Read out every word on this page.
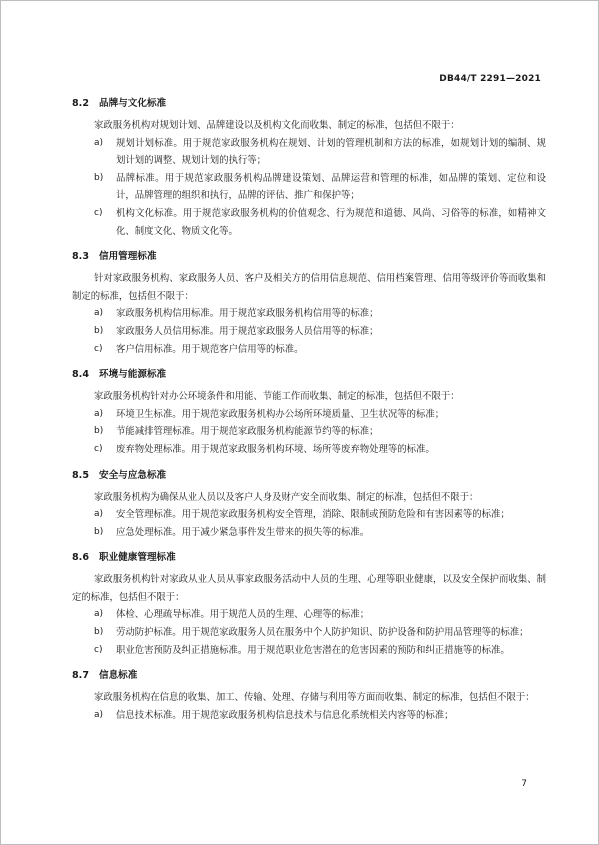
DB44/T 2291—2021
8.2 品牌与文化标准

家政服务机构对规划计划、品牌建设以及机构文化而收集、制定的标准，包括但不限于：

a) 规划计划标准。用于规范家政服务机构在规划、计划的管理机制和方法的标准，如规划计划的编制、规划计划的调整、规划计划的执行等；
b) 品牌标准。用于规范家政服务机构品牌建设策划、品牌运营和管理的标准，如品牌的策划、定位和设计，品牌管理的组织和执行，品牌的评估、推广和保护等；
c) 机构文化标准。用于规范家政服务机构的价值观念、行为规范和道德、风尚、习俗等的标准，如精神文化、制度文化、物质文化等。
8.3 信用管理标准

针对家政服务机构、家政服务人员、客户及相关方的信用信息规范、信用档案管理、信用等级评价等而收集和制定的标准，包括但不限于：

a) 家政服务机构信用标准。用于规范家政服务机构信用等的标准；
b) 家政服务人员信用标准。用于规范家政服务人员信用等的标准；
c) 客户信用标准。用于规范客户信用等的标准。
8.4 环境与能源标准

家政服务机构针对办公环境条件和用能、节能工作而收集、制定的标准，包括但不限于：

a) 环境卫生标准。用于规范家政服务机构办公场所环境质量、卫生状况等的标准；
b) 节能减排管理标准。用于规范家政服务机构能源节约等的标准；
c) 废弃物处理标准。用于规范家政服务机构环境、场所等废弃物处理等的标准。
8.5 安全与应急标准

家政服务机构为确保从业人员以及客户人身及财产安全而收集、制定的标准，包括但不限于：

a) 安全管理标准。用于规范家政服务机构安全管理，消除、限制或预防危险和有害因素等的标准；
b) 应急处理标准。用于减少紧急事件发生带来的损失等的标准。
8.6 职业健康管理标准

家政服务机构针对家政从业人员从事家政服务活动中人员的生理、心理等职业健康，以及安全保护而收集、制定的标准，包括但不限于：

a) 体检、心理疏导标准。用于规范人员的生理、心理等的标准；
b) 劳动防护标准。用于规范家政服务人员在服务中个人防护知识、防护设备和防护用品管理等的标准；
c) 职业危害预防及纠正措施标准。用于规范职业危害潜在的危害因素的预防和纠正措施等的标准。
8.7 信息标准

家政服务机构在信息的收集、加工、传输、处理、存储与利用等方面而收集、制定的标准，包括但不限于：

a) 信息技术标准。用于规范家政服务机构信息技术与信息化系统相关内容等的标准；
7
